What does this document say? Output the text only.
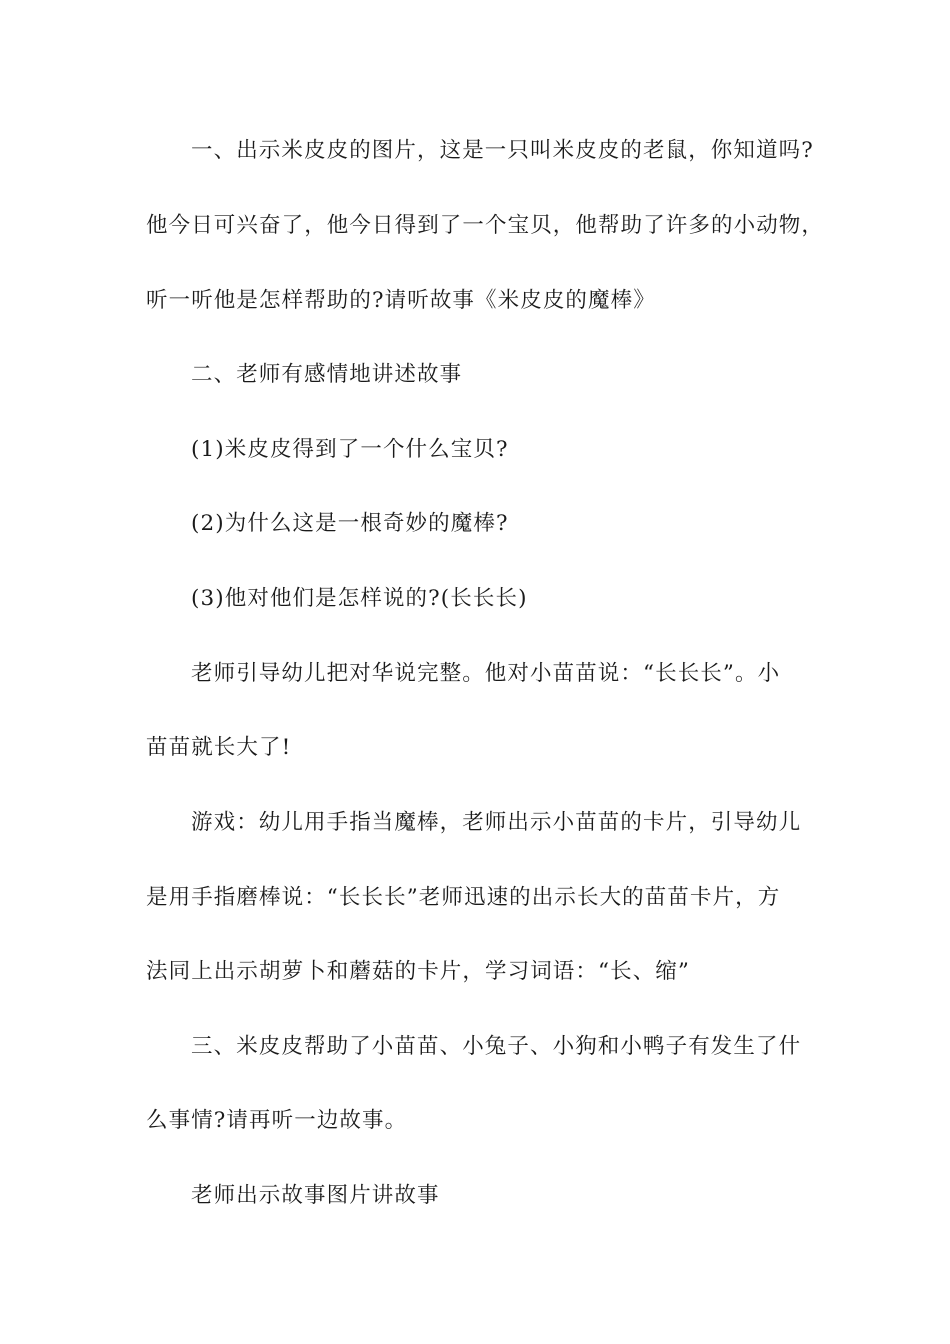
一、出示米皮皮的图片，这是一只叫米皮皮的老鼠，你知道吗?
他今日可兴奋了，他今日得到了一个宝贝，他帮助了许多的小动物，
听一听他是怎样帮助的?请听故事《米皮皮的魔棒》
二、老师有感情地讲述故事
(1)米皮皮得到了一个什么宝贝?
(2)为什么这是一根奇妙的魔棒?
(3)他对他们是怎样说的?(长长长)
老师引导幼儿把对华说完整。他对小苗苗说：“长长长”。小
苗苗就长大了!
游戏：幼儿用手指当魔棒，老师出示小苗苗的卡片，引导幼儿
是用手指磨棒说：“长长长”老师迅速的出示长大的苗苗卡片，方
法同上出示胡萝卜和蘑菇的卡片，学习词语：“长、缩”
三、米皮皮帮助了小苗苗、小兔子、小狗和小鸭子有发生了什
么事情?请再听一边故事。
老师出示故事图片讲故事
